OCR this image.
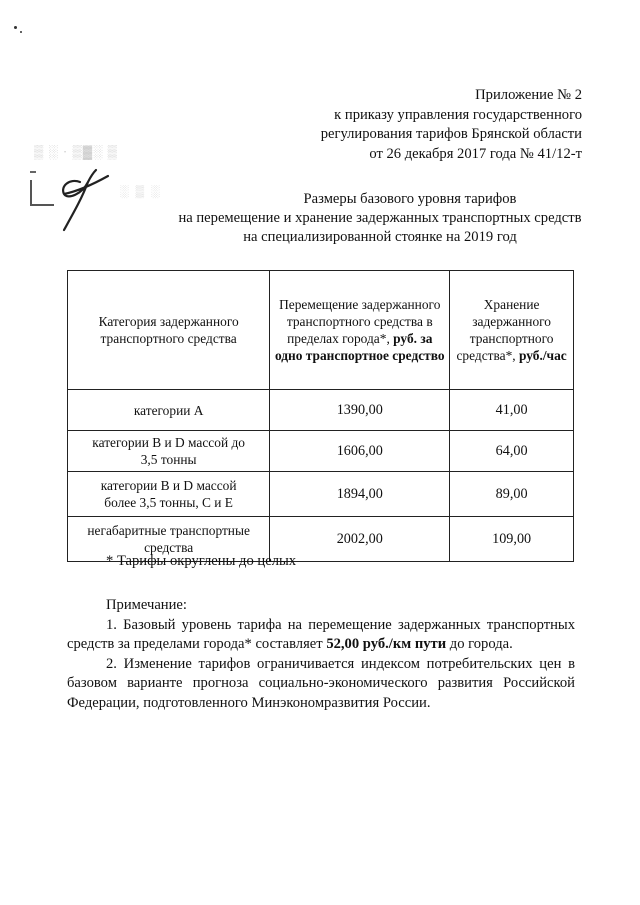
Приложение № 2
к приказу управления государственного
регулирования тарифов Брянской области
от 26 декабря 2017 года № 41/12-т
▒ ░ · ▒▓░ ▒
░ ▒ ░	Размеры базового уровня тарифов
на перемещение и хранение задержанных транспортных средств
на специализированной стоянке на 2019 год
Категория задержанного транспортного средства	Перемещение задержанного транспортного средства в пределах города*, руб. за одно транспортное средство	Хранение задержанного транспортного средства*, руб./час
категории А	1390,00	41,00
категории В и D массой до 3,5 тонны	1606,00	64,00
категории В и D массой более 3,5 тонны, С и Е	1894,00	89,00
негабаритные транспортные средства	2002,00	109,00
* Тарифы округлены до целых

Примечание:

1. Базовый уровень тарифа на перемещение задержанных транспортных средств за пределами города* составляет 52,00 руб./км пути до города.

2. Изменение тарифов ограничивается индексом потребительских цен в базовом варианте прогноза социально-экономического развития Российской Федерации, подготовленного Минэкономразвития России.
